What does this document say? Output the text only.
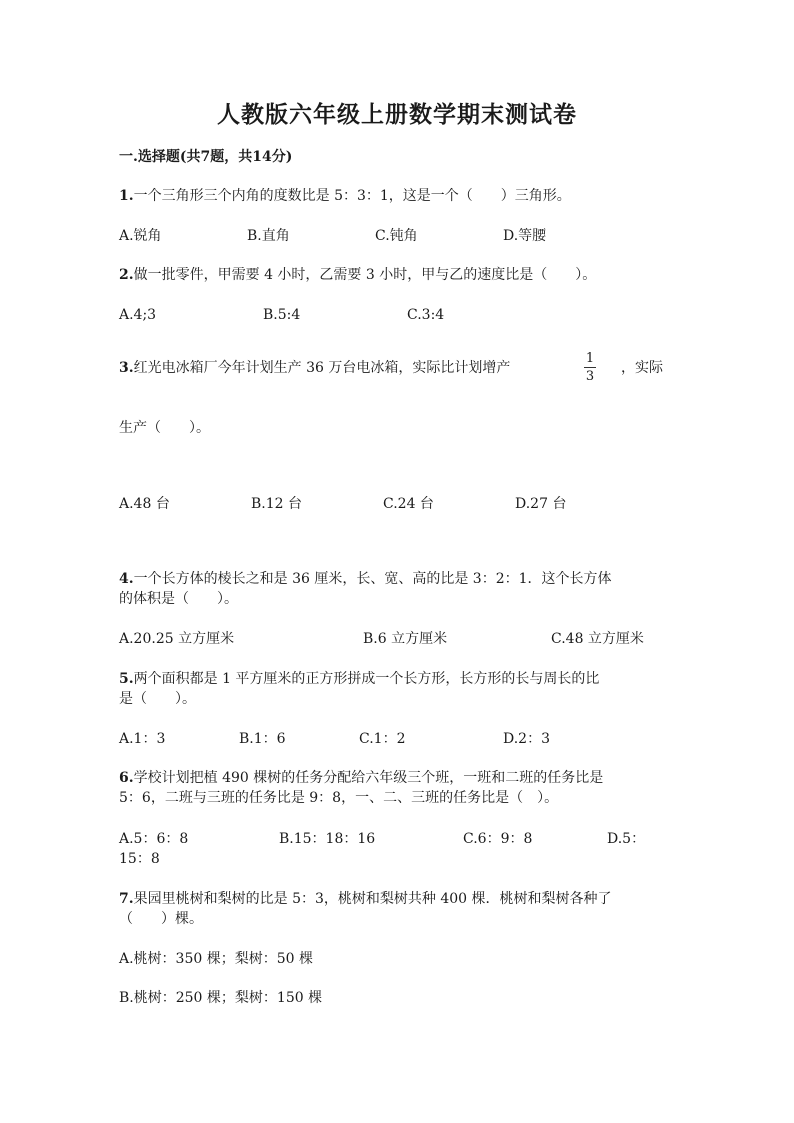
人教版六年级上册数学期末测试卷
一.选择题(共7题，共14分)
1.一个三角形三个内角的度数比是 5：3：1，这是一个（　　）三角形。
A.锐角	B.直角	C.钝角	D.等腰
2.做一批零件，甲需要 4 小时，乙需要 3 小时，甲与乙的速度比是（　　）。
A.4;3	B.5:4	C.3:4
3.红光电冰箱厂今年计划生产 36 万台电冰箱，实际比计划增产
1
3
，实际
生产（　　）。
A.48 台	B.12 台	C.24 台	D.27 台
4.一个长方体的棱长之和是 36 厘米，长、宽、高的比是 3：2：1．这个长方体
的体积是（　　）。
A.20.25 立方厘米	B.6 立方厘米	C.48 立方厘米
5.两个面积都是 1 平方厘米的正方形拼成一个长方形，长方形的长与周长的比
是（　　）。
A.1：3	B.1：6	C.1：2	D.2：3
6.学校计划把植 490 棵树的任务分配给六年级三个班，一班和二班的任务比是
5：6，二班与三班的任务比是 9：8，一、二、三班的任务比是（　）。
A.5：6：8	B.15：18：16	C.6：9：8	D.5：
15：8
7.果园里桃树和梨树的比是 5：3，桃树和梨树共种 400 棵．桃树和梨树各种了
（　　）棵。
A.桃树：350 棵；梨树：50 棵
B.桃树：250 棵；梨树：150 棵
